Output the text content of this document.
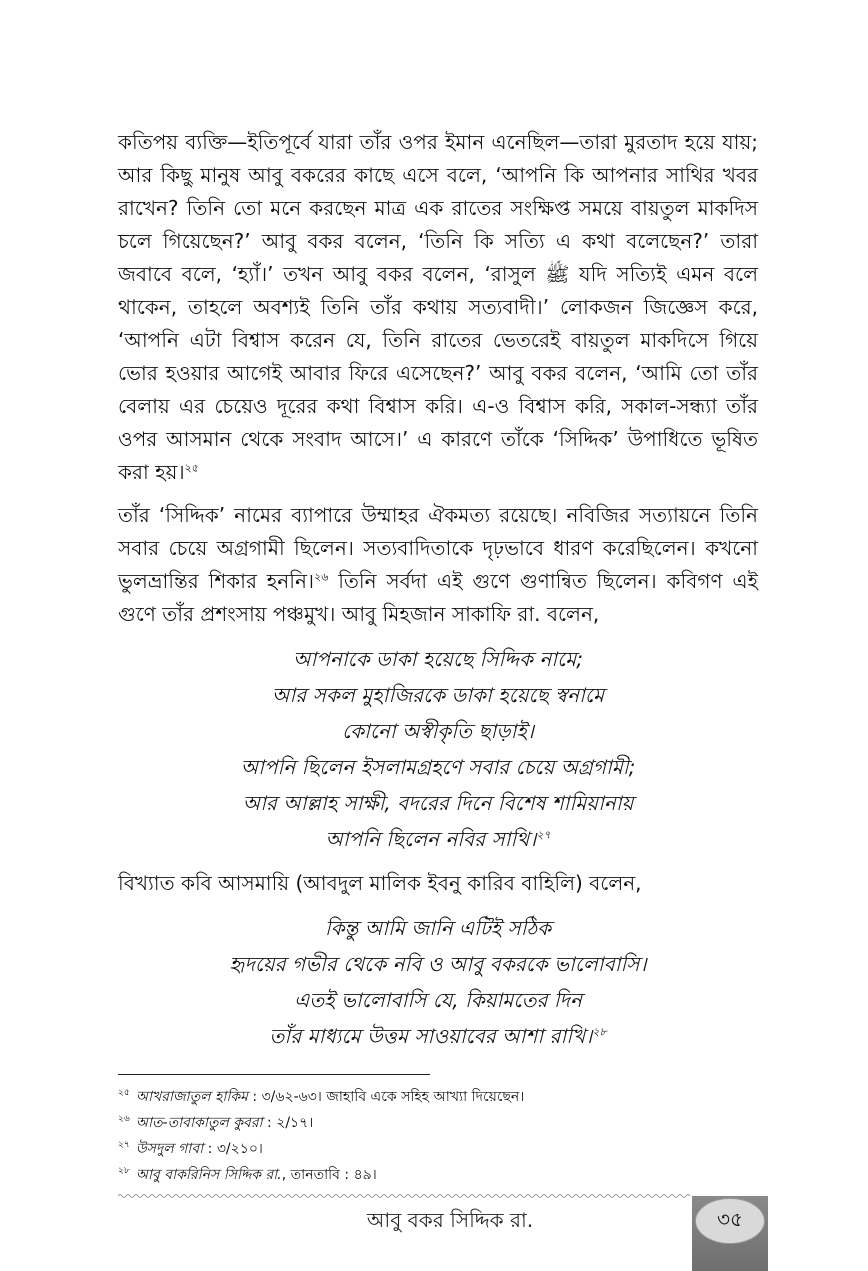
কতিপয় ব্যক্তি—ইতিপূর্বে যারা তাঁর ওপর ইমান এনেছিল—তারা মুরতাদ হয়ে যায়; আর কিছু মানুষ আবু বকরের কাছে এসে বলে, ‘আপনি কি আপনার সাথির খবর রাখেন? তিনি তো মনে করছেন মাত্র এক রাতের সংক্ষিপ্ত সময়ে বায়তুল মাকদিস চলে গিয়েছেন?’ আবু বকর বলেন, ‘তিনি কি সত্যি এ কথা বলেছেন?’ তারা জবাবে বলে, ‘হ্যাঁ।’ তখন আবু বকর বলেন, ‘রাসুল ﷺ যদি সত্যিই এমন বলে থাকেন, তাহলে অবশ্যই তিনি তাঁর কথায় সত্যবাদী।’ লোকজন জিজ্ঞেস করে, ‘আপনি এটা বিশ্বাস করেন যে, তিনি রাতের ভেতরেই বায়তুল মাকদিসে গিয়ে ভোর হওয়ার আগেই আবার ফিরে এসেছেন?’ আবু বকর বলেন, ‘আমি তো তাঁর বেলায় এর চেয়েও দূরের কথা বিশ্বাস করি। এ-ও বিশ্বাস করি, সকাল-সন্ধ্যা তাঁর ওপর আসমান থেকে সংবাদ আসে।’ এ কারণে তাঁকে ‘সিদ্দিক’ উপাধিতে ভূষিত করা হয়।$^{২৫}$

তাঁর ‘সিদ্দিক’ নামের ব্যাপারে উম্মাহর ঐকমত্য রয়েছে। নবিজির সত্যায়নে তিনি সবার চেয়ে অগ্রগামী ছিলেন। সত্যবাদিতাকে দৃঢ়ভাবে ধারণ করেছিলেন। কখনো ভুলভ্রান্তির শিকার হননি।$^{২৬}$ তিনি সর্বদা এই গুণে গুণান্বিত ছিলেন। কবিগণ এই গুণে তাঁর প্রশংসায় পঞ্চমুখ। আবু মিহজান সাকাফি রা. বলেন,

আপনাকে ডাকা হয়েছে সিদ্দিক নামে;
আর সকল মুহাজিরকে ডাকা হয়েছে স্বনামে
কোনো অস্বীকৃতি ছাড়াই।
আপনি ছিলেন ইসলামগ্রহণে সবার চেয়ে অগ্রগামী;
আর আল্লাহ সাক্ষী, বদরের দিনে বিশেষ শামিয়ানায়
আপনি ছিলেন নবির সাথি।$^{২৭}$

বিখ্যাত কবি আসমায়ি (আবদুল মালিক ইবনু কারিব বাহিলি) বলেন,

কিন্তু আমি জানি এটিই সঠিক
হৃদয়ের গভীর থেকে নবি ও আবু বকরকে ভালোবাসি।
এতই ভালোবাসি যে, কিয়ামতের দিন
তাঁর মাধ্যমে উত্তম সাওয়াবের আশা রাখি।$^{২৮}$
$^{২৫}$ আখরাজাতুল হাকিম : ৩/৬২-৬৩। জাহাবি একে সহিহ আখ্যা দিয়েছেন।
$^{২৬}$ আত-তাবাকাতুল কুবরা : ২/১৭।
$^{২৭}$ উসদুল গাবা : ৩/২১০।
$^{২৮}$ আবু বাকরিনিস সিদ্দিক রা., তানতাবি : ৪৯।
আবু বকর সিদ্দিক রা.	৩৫
